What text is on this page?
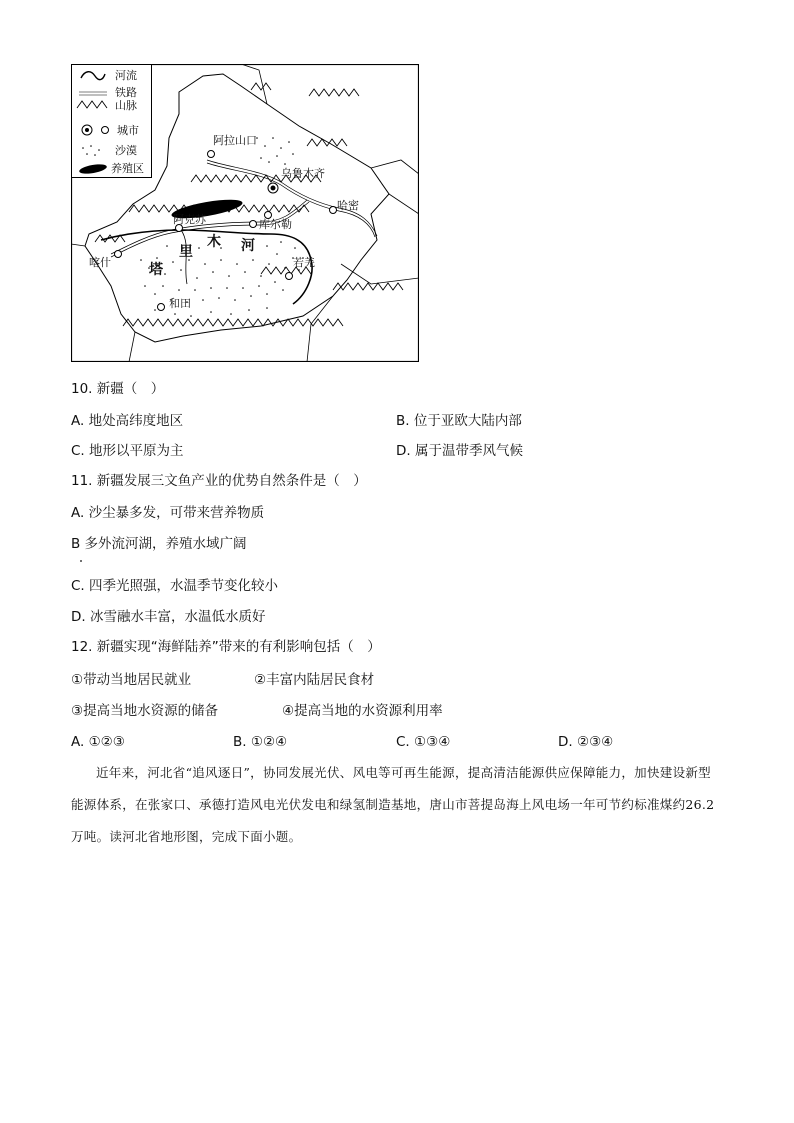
阿拉山口
乌鲁木齐
哈密
阿克苏	库尔勒
喀什	若羌
和田
塔
里
木 河
河流
铁路
山脉
城市
沙漠
养殖区
10. 新疆（　）
A. 地处高纬度地区	B. 位于亚欧大陆内部
C. 地形以平原为主	D. 属于温带季风气候
11. 新疆发展三文鱼产业的优势自然条件是（　）
A. 沙尘暴多发，可带来营养物质
B 多外流河湖，养殖水域广阔
C. 四季光照强，水温季节变化较小
D. 冰雪融水丰富，水温低水质好
12. 新疆实现“海鲜陆养”带来的有利影响包括（　）
①带动当地居民就业	②丰富内陆居民食材
③提高当地水资源的储备	④提高当地的水资源利用率
A. ①②③	B. ①②④	C. ①③④	D. ②③④
近年来，河北省“追风逐日”，协同发展光伏、风电等可再生能源，提高清洁能源供应保障能力，加快建设新型能源体系，在张家口、承德打造风电光伏发电和绿氢制造基地，唐山市菩提岛海上风电场一年可节约标准煤约26.2万吨。读河北省地形图，完成下面小题。
